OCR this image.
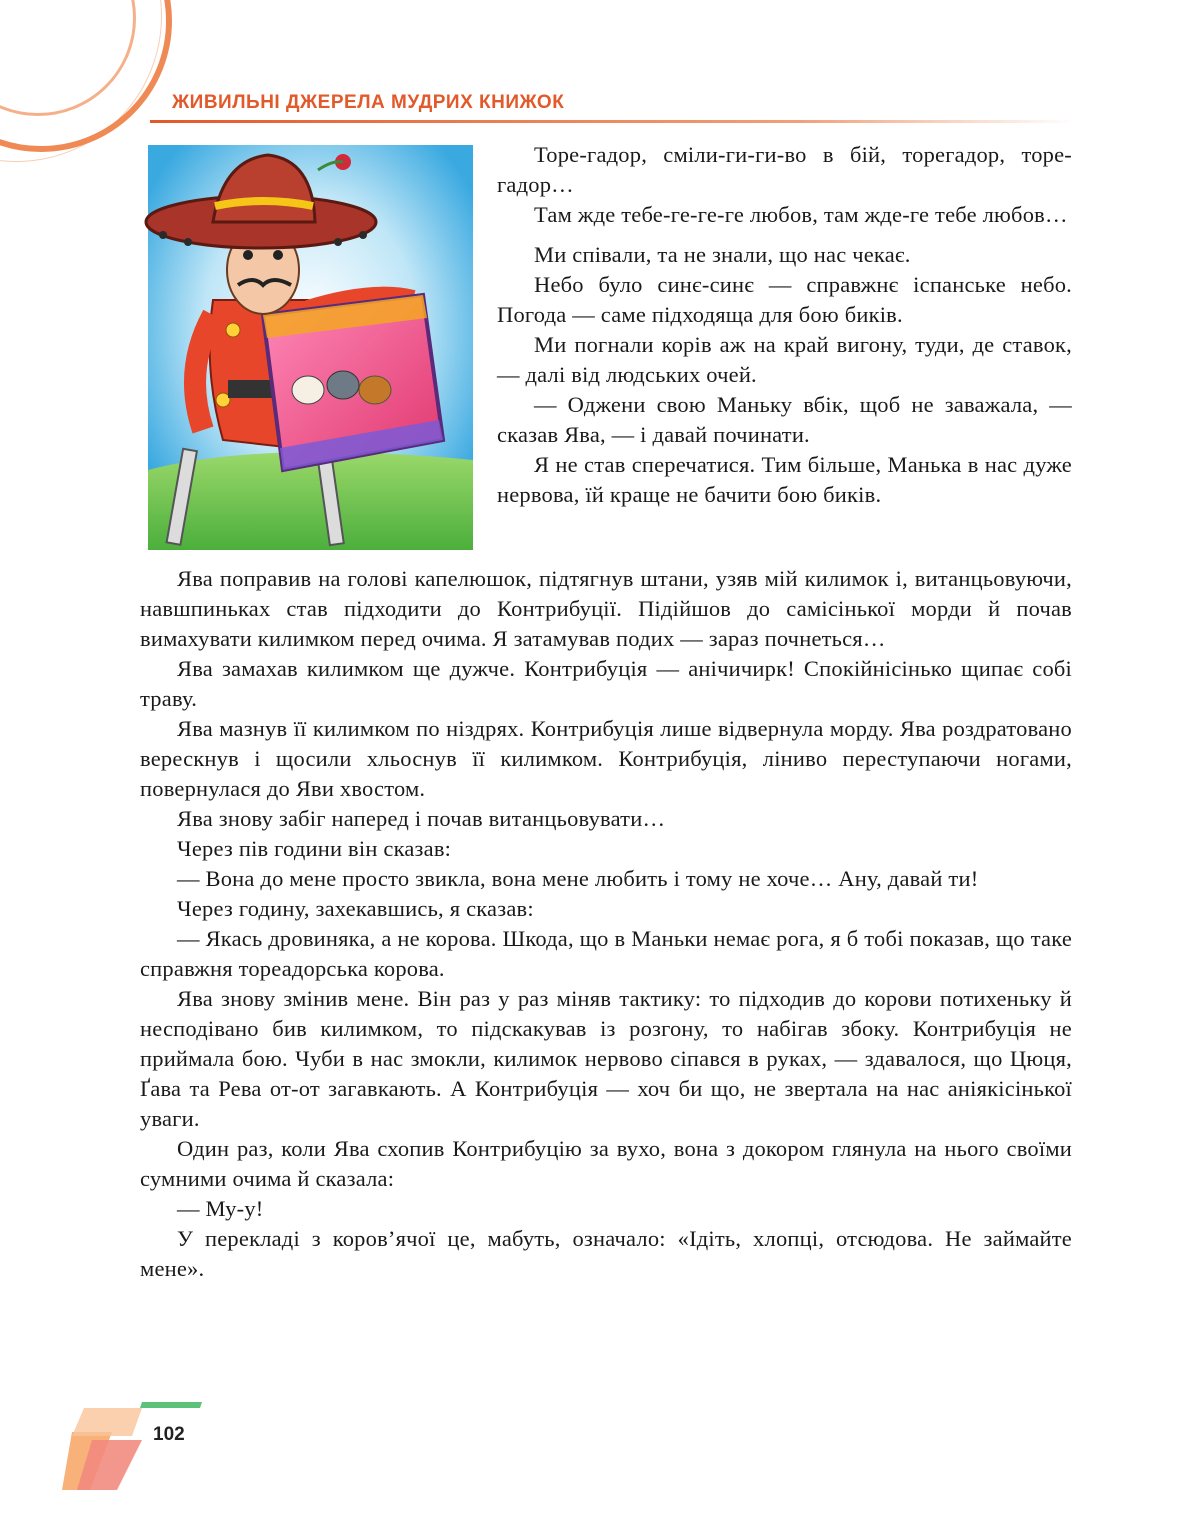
ЖИВИЛЬНІ ДЖЕРЕЛА МУДРИХ КНИЖОК

Торе-гадор, сміли-ги-ги-во в бій, торегадор, торе-гадор…

Там жде тебе-ге-ге-ге любов, там жде-ге тебе любов…

Ми співали, та не знали, що нас чекає.

Небо було синє-синє — справжнє іспанське небо. Погода — саме підходяща для бою биків.

Ми погнали корів аж на край вигону, туди, де ставок, — далі від людських очей.

— Оджени свою Маньку вбік, щоб не заважала, — сказав Ява, — і давай починати.

Я не став сперечатися. Тим більше, Манька в нас дуже нервова, їй краще не бачити бою биків.

Ява поправив на голові капелюшок, підтягнув штани, узяв мій килимок і, витанцьовуючи, навшпиньках став підходити до Контрибуції. Підійшов до самісінької морди й почав вимахувати килимком перед очима. Я затамував подих — зараз почнеться…

Ява замахав килимком ще дужче. Контрибуція — анічичирк! Спокійнісінько щипає собі траву.

Ява мазнув її килимком по ніздрях. Контрибуція лише відвернула морду. Ява роздратовано верескнув і щосили хльоснув її килимком. Контрибуція, ліниво переступаючи ногами, повернулася до Яви хвостом.

Ява знову забіг наперед і почав витанцьовувати…

Через пів години він сказав:

— Вона до мене просто звикла, вона мене любить і тому не хоче… Ану, давай ти!

Через годину, захекавшись, я сказав:

— Якась дровиняка, а не корова. Шкода, що в Маньки немає рога, я б тобі показав, що таке справжня тореадорська корова.

Ява знову змінив мене. Він раз у раз міняв тактику: то підходив до корови потихеньку й несподівано бив килимком, то підскакував із розгону, то набігав збоку. Контрибуція не приймала бою. Чуби в нас змокли, килимок нервово сіпався в руках, — здавалося, що Цюця, Ґава та Рева от-от загавкають. А Контрибуція — хоч би що, не звертала на нас аніякісінької уваги.

Один раз, коли Ява схопив Контрибуцію за вухо, вона з докором глянула на нього своїми сумними очима й сказала:

— Му-у!

У перекладі з коров’ячої це, мабуть, означало: «Ідіть, хлопці, отсюдова. Не займайте мене».

102
